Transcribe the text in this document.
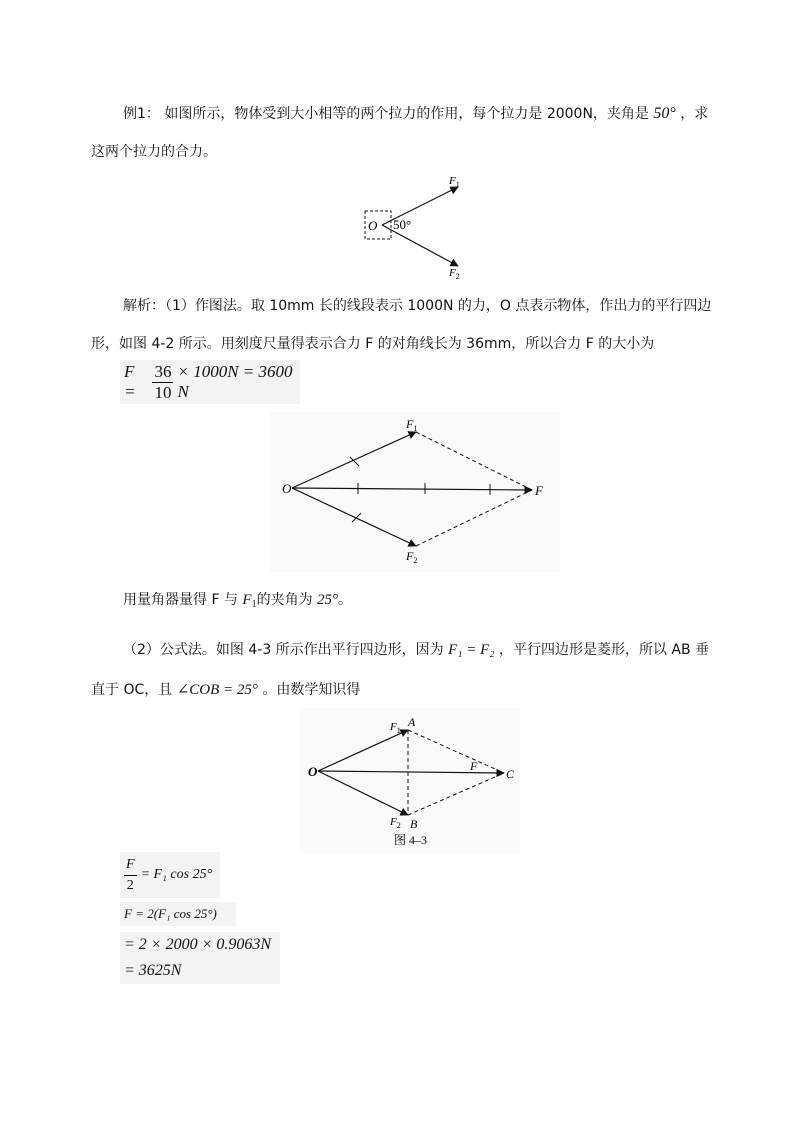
例1： 如图所示，物体受到大小相等的两个拉力的作用，每个拉力是 2000N，夹角是 50° ，求
这两个拉力的合力。
O 50°
$F_1$
$F_2$
解析：（1）作图法。取 10mm 长的线段表示 1000N 的力，O 点表示物体，作出力的平行四边
形，如图 4-2 所示。用刻度尺量得表示合力 F 的对角线长为 36mm，所以合力 F 的大小为
F =	$\frac{36}{10} \times 1000N = 3600$ N
O	F
$F_1$
$F_2$
用量角器量得 F 与 $F_1$的夹角为 25°。
（2）公式法。如图 4-3 所示作出平行四边形，因为 F₁ = F₂ ，平行四边形是菱形，所以 AB 垂
直于 OC，且 ∠COB = 25° 。由数学知识得
O
A
B
C
F
$F_1$
$F_2$
图 4–3
$\frac{F}{2} = F_1$ cos 25°
F = 2(F₁ cos 25°)
= 2 × 2000 × 0.9063N
= 3625N
